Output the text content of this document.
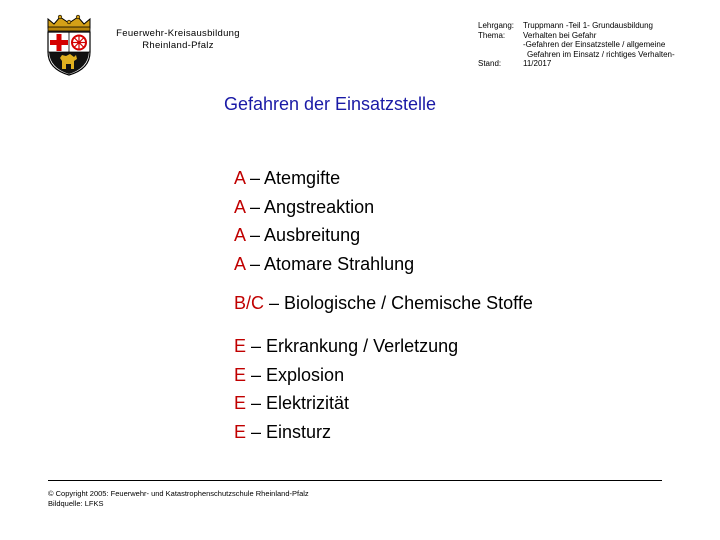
Feuerwehr-Kreisausbildung
Rheinland-Pfalz
Lehrgang:	Truppmann -Teil 1- Grundausbildung
Thema:	Verhalten bei Gefahr
-Gefahren der Einsatzstelle / allgemeine
Gefahren im Einsatz / richtiges Verhalten-
Stand:	11/2017
Gefahren der Einsatzstelle
A – Atemgifte
A – Angstreaktion
A – Ausbreitung
A – Atomare Strahlung
B/C – Biologische / Chemische Stoffe
E – Erkrankung / Verletzung
E – Explosion
E – Elektrizität
E – Einsturz
© Copyright 2005: Feuerwehr- und Katastrophenschutzschule Rheinland-Pfalz
Bildquelle: LFKS
